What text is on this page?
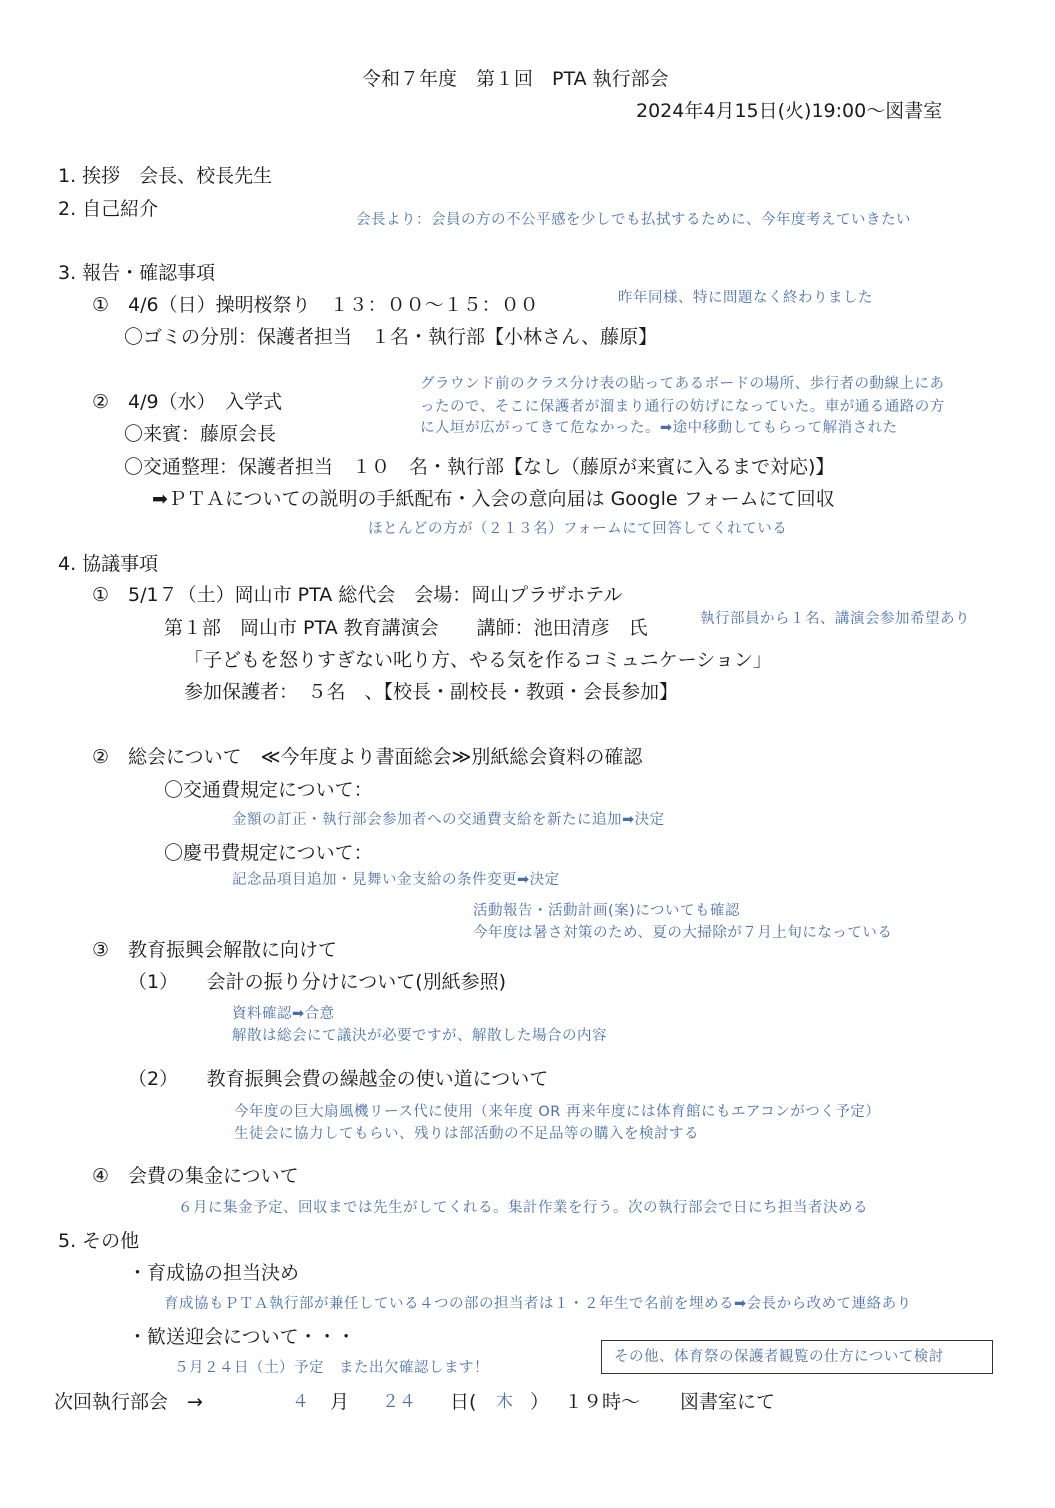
令和７年度　第１回　PTA 執行部会
2024年4月15日(火)19:00～図書室
1. 挨拶　会長、校長先生
2. 自己紹介	会長より：会員の方の不公平感を少しでも払拭するために、今年度考えていきたい
3. 報告・確認事項
①　4/6（日）操明桜祭り　１３：００～１５：００	昨年同様、特に問題なく終わりました
〇ゴミの分別：保護者担当　１名・執行部【小林さん、藤原】
グラウンド前のクラス分け表の貼ってあるボードの場所、歩行者の動線上にあ
ったので、そこに保護者が溜まり通行の妨げになっていた。車が通る通路の方
に人垣が広がってきて危なかった。➡途中移動してもらって解消された
②　4/9（水）　入学式
〇来賓：藤原会長
〇交通整理：保護者担当　１０　名・執行部【なし（藤原が来賓に入るまで対応)】
➡ＰＴＡについての説明の手紙配布・入会の意向届は Google フォームにて回収
ほとんどの方が（２１３名）フォームにて回答してくれている
4. 協議事項
①　5/1７（土）岡山市 PTA 総代会　会場：岡山プラザホテル
第１部　岡山市 PTA 教育講演会　　講師：池田清彦　氏	執行部員から１名、講演会参加希望あり
「子どもを怒りすぎない叱り方、やる気を作るコミュニケーション」
参加保護者：　５名　、【校長・副校長・教頭・会長参加】
②　総会について　≪今年度より書面総会≫別紙総会資料の確認
〇交通費規定について：
金額の訂正・執行部会参加者への交通費支給を新たに追加➡決定
〇慶弔費規定について：
記念品項目追加・見舞い金支給の条件変更➡決定
活動報告・活動計画(案)についても確認
今年度は暑さ対策のため、夏の大掃除が７月上旬になっている
③　教育振興会解散に向けて
（1）　　会計の振り分けについて(別紙参照)
資料確認➡合意
解散は総会にて議決が必要ですが、解散した場合の内容
（2）　　教育振興会費の繰越金の使い道について
今年度の巨大扇風機リース代に使用（来年度 OR 再来年度には体育館にもエアコンがつく予定）
生徒会に協力してもらい、残りは部活動の不足品等の購入を検討する
④　会費の集金について
６月に集金予定、回収までは先生がしてくれる。集計作業を行う。次の執行部会で日にち担当者決める
5. その他
・育成協の担当決め
育成協もＰＴＡ執行部が兼任している４つの部の担当者は１・２年生で名前を埋める➡会長から改めて連絡あり
・歓送迎会について・・・
５月２４日（土）予定　また出欠確認します！
その他、体育祭の保護者観覧の仕方について検討
次回執行部会　→	４ 月 ２４ 日( 木 ） １９時～ 図書室にて
